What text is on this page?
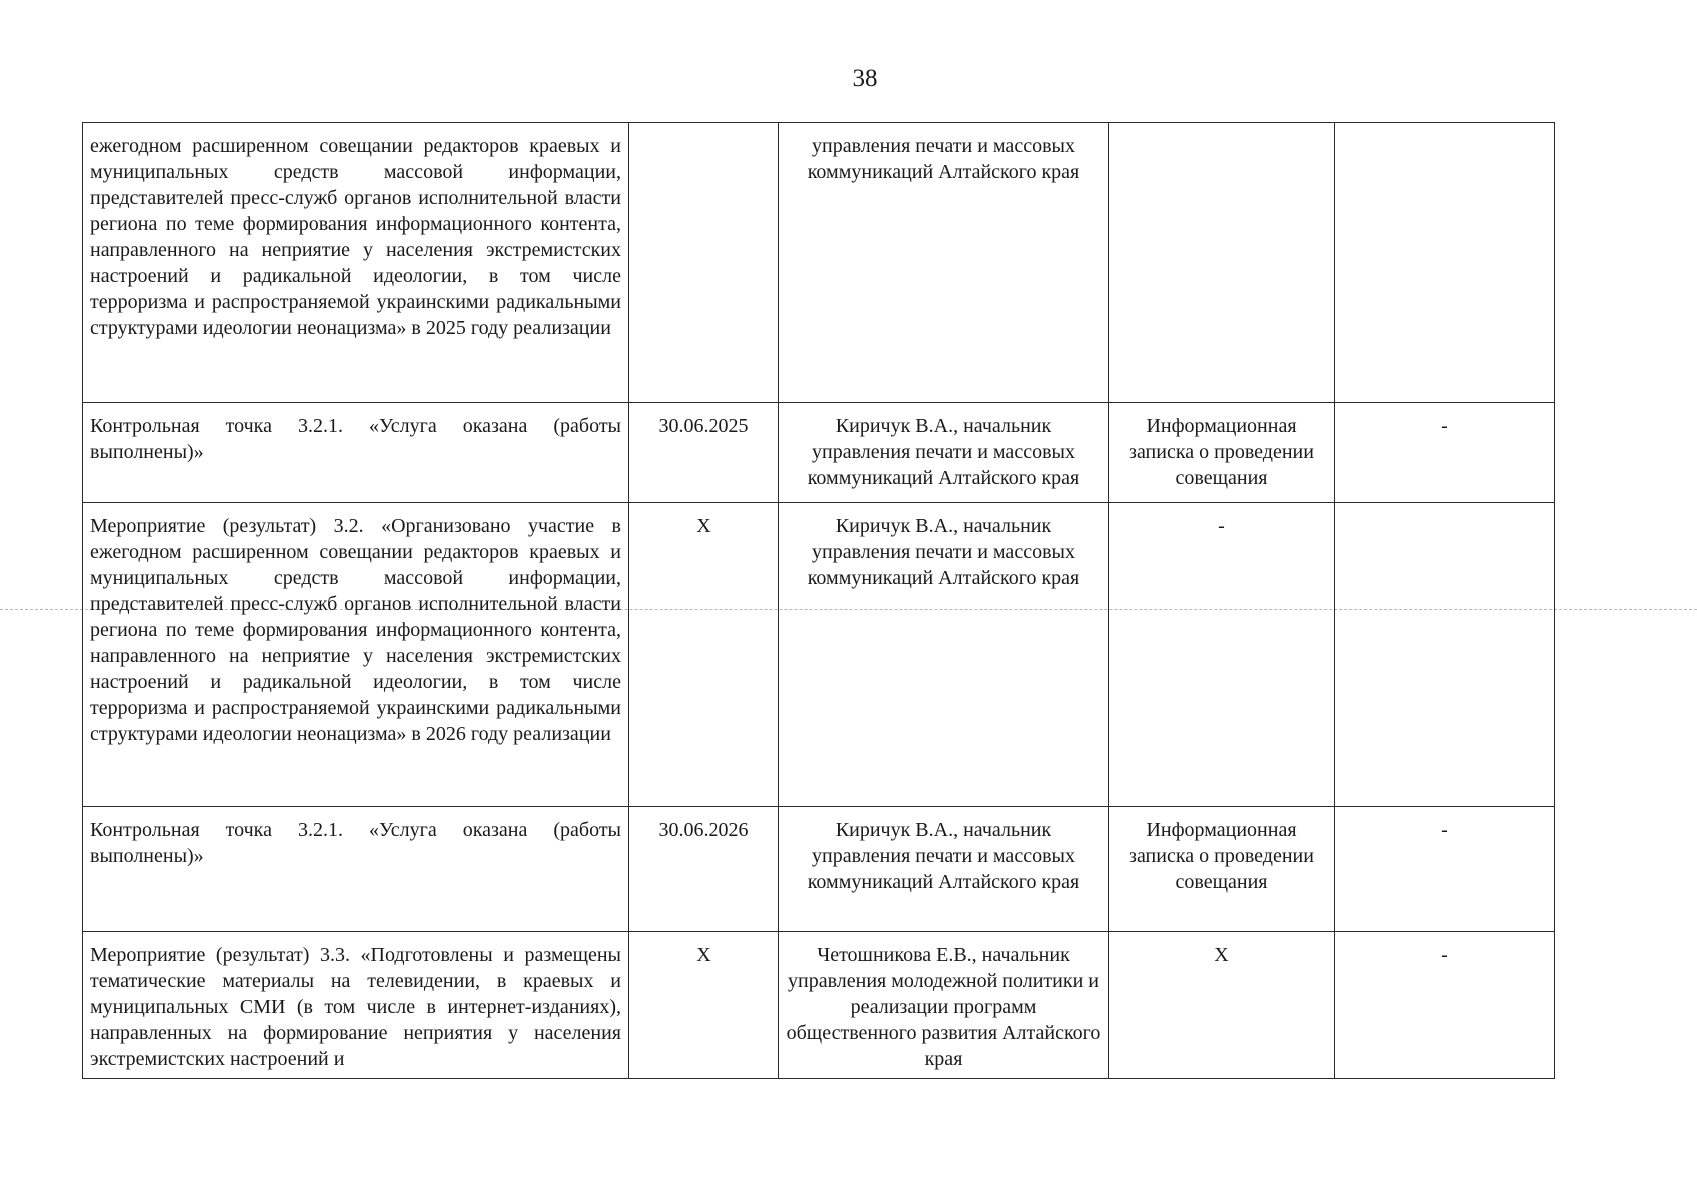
38
ежегодном расширенном совещании редакторов краевых и муниципальных средств массовой информации, представителей пресс-служб органов исполнительной власти региона по теме формирования информационного контента, направленного на неприятие у населения экстремистских настроений и радикальной идеологии, в том числе терроризма и распространяемой украинскими радикальными структурами идеологии неонацизма» в 2025 году реализации		управления печати и массовых коммуникаций Алтайского края		
Контрольная точка 3.2.1. «Услуга оказана (работы выполнены)»	30.06.2025	Киричук В.А., начальник управления печати и массовых коммуникаций Алтайского края	Информационная записка о проведении совещания	-
Мероприятие (результат) 3.2. «Организовано участие в ежегодном расширенном совещании редакторов краевых и муниципальных средств массовой информации, представителей пресс-служб органов исполнительной власти региона по теме формирования информационного контента, направленного на неприятие у населения экстремистских настроений и радикальной идеологии, в том числе терроризма и распространяемой украинскими радикальными структурами идеологии неонацизма» в 2026 году реализации	X	Киричук В.А., начальник управления печати и массовых коммуникаций Алтайского края	-	
Контрольная точка 3.2.1. «Услуга оказана (работы выполнены)»	30.06.2026	Киричук В.А., начальник управления печати и массовых коммуникаций Алтайского края	Информационная записка о проведении совещания	-
Мероприятие (результат) 3.3. «Подготовлены и размещены тематические материалы на телевидении, в краевых и муниципальных СМИ (в том числе в интернет-изданиях), направленных на формирование неприятия у населения экстремистских настроений и	X	Четошникова Е.В., начальник управления молодежной политики и реализации программ общественного развития Алтайского края	X	-
